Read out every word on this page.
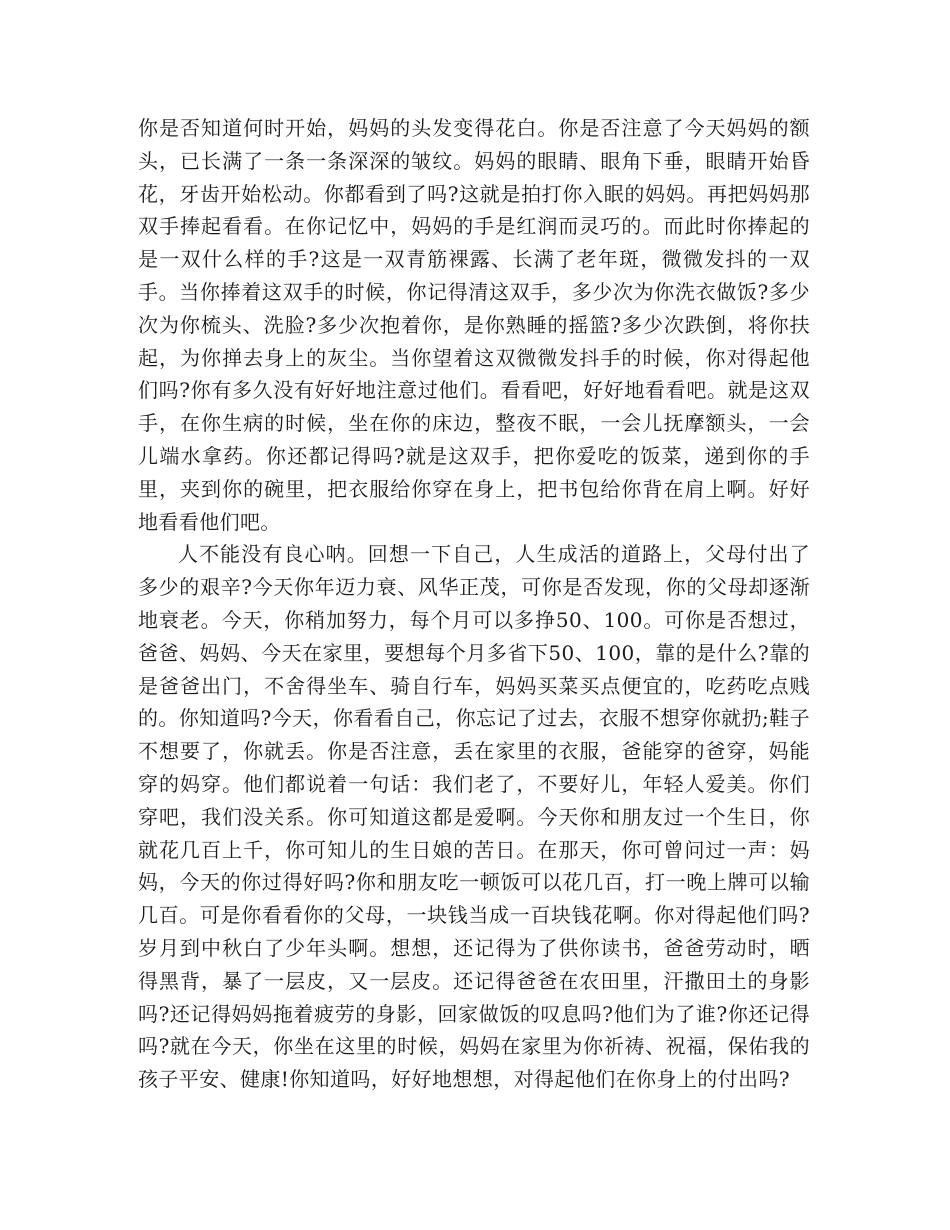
你是否知道何时开始，妈妈的头发变得花白。你是否注意了今天妈妈的额头，已长满了一条一条深深的皱纹。妈妈的眼睛、眼角下垂，眼睛开始昏花，牙齿开始松动。你都看到了吗?这就是拍打你入眠的妈妈。再把妈妈那双手捧起看看。在你记忆中，妈妈的手是红润而灵巧的。而此时你捧起的是一双什么样的手?这是一双青筋裸露、长满了老年斑，微微发抖的一双手。当你捧着这双手的时候，你记得清这双手，多少次为你洗衣做饭?多少次为你梳头、洗脸?多少次抱着你，是你熟睡的摇篮?多少次跌倒，将你扶起，为你掸去身上的灰尘。当你望着这双微微发抖手的时候，你对得起他们吗?你有多久没有好好地注意过他们。看看吧，好好地看看吧。就是这双手，在你生病的时候，坐在你的床边，整夜不眠，一会儿抚摩额头，一会儿端水拿药。你还都记得吗?就是这双手，把你爱吃的饭菜，递到你的手里，夹到你的碗里，把衣服给你穿在身上，把书包给你背在肩上啊。好好地看看他们吧。

人不能没有良心呐。回想一下自己，人生成活的道路上，父母付出了多少的艰辛?今天你年迈力衰、风华正茂，可你是否发现，你的父母却逐渐地衰老。今天，你稍加努力，每个月可以多挣50、100。可你是否想过，爸爸、妈妈、今天在家里，要想每个月多省下50、100，靠的是什么?靠的是爸爸出门，不舍得坐车、骑自行车，妈妈买菜买点便宜的，吃药吃点贱的。你知道吗?今天，你看看自己，你忘记了过去，衣服不想穿你就扔;鞋子不想要了，你就丢。你是否注意，丢在家里的衣服，爸能穿的爸穿，妈能穿的妈穿。他们都说着一句话：我们老了，不要好儿，年轻人爱美。你们穿吧，我们没关系。你可知道这都是爱啊。今天你和朋友过一个生日，你就花几百上千，你可知儿的生日娘的苦日。在那天，你可曾问过一声：妈妈，今天的你过得好吗?你和朋友吃一顿饭可以花几百，打一晚上牌可以输几百。可是你看看你的父母，一块钱当成一百块钱花啊。你对得起他们吗? 岁月到中秋白了少年头啊。想想，还记得为了供你读书，爸爸劳动时，晒得黑背，暴了一层皮，又一层皮。还记得爸爸在农田里，汗撒田土的身影吗?还记得妈妈拖着疲劳的身影，回家做饭的叹息吗?他们为了谁?你还记得吗?就在今天，你坐在这里的时候，妈妈在家里为你祈祷、祝福，保佑我的孩子平安、健康!你知道吗，好好地想想，对得起他们在你身上的付出吗?
